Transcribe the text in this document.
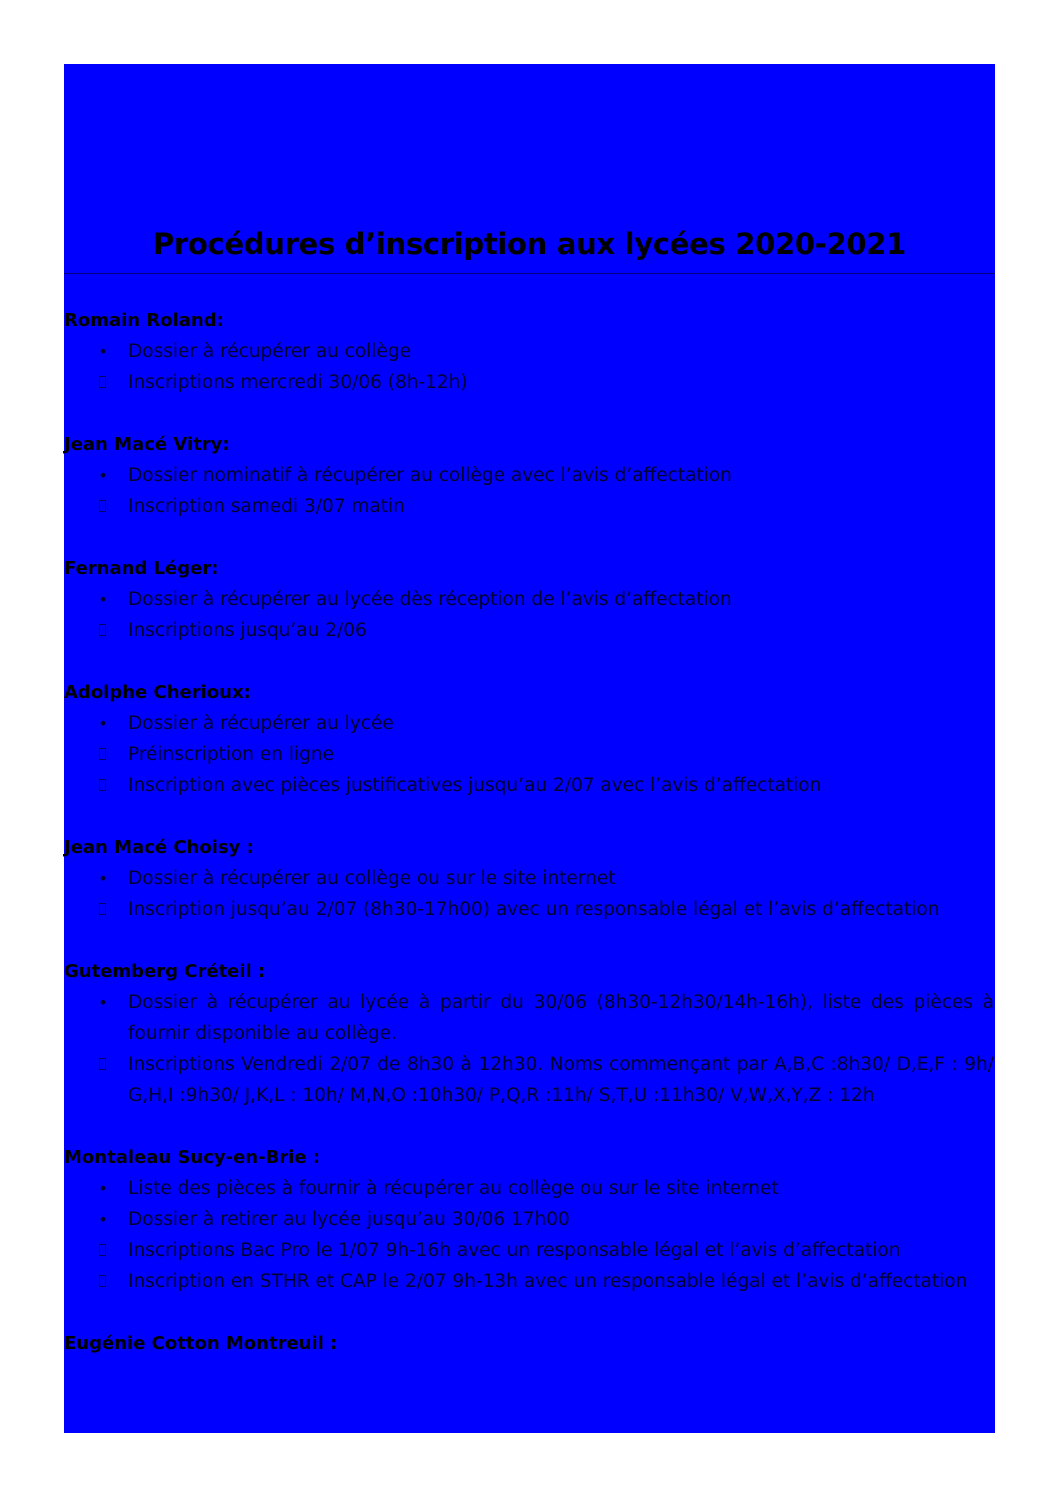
Procédures d’inscription aux lycées 2020-2021
Romain Roland:
• Dossier à récupérer au collège
Inscriptions mercredi 30/06 (8h-12h)
Jean Macé Vitry:
• Dossier nominatif à récupérer au collège avec l’avis d’affectation
Inscription samedi 3/07 matin
Fernand Léger:
• Dossier à récupérer au lycée dès réception de l’avis d’affectation
Inscriptions jusqu’au 2/06
Adolphe Cherioux:
• Dossier à récupérer au lycée
Préinscription en ligne
Inscription avec pièces justificatives jusqu’au 2/07 avec l’avis d’affectation
Jean Macé Choisy :
• Dossier à récupérer au collège ou sur le site internet
Inscription jusqu’au 2/07 (8h30-17h00) avec un responsable légal et l’avis d’affectation
Gutemberg Créteil :
• Dossier à récupérer au lycée à partir du 30/06 (8h30-12h30/14h-16h), liste des pièces à fournir disponible au collège.
Inscriptions Vendredi 2/07 de 8h30 à 12h30. Noms commençant par A,B,C :8h30/ D,E,F : 9h/ G,H,I :9h30/ J,K,L : 10h/ M,N,O :10h30/ P,Q,R :11h/ S,T,U :11h30/ V,W,X,Y,Z : 12h
Montaleau Sucy-en-Brie :
• Liste des pièces à fournir à récupérer au collège ou sur le site internet
• Dossier à retirer au lycée jusqu’au 30/06 17h00
Inscriptions Bac Pro le 1/07 9h-16h avec un responsable légal et l’avis d’affectation
Inscription en STHR et CAP le 2/07 9h-13h avec un responsable légal et l’avis d’affectation
Eugénie Cotton Montreuil :
